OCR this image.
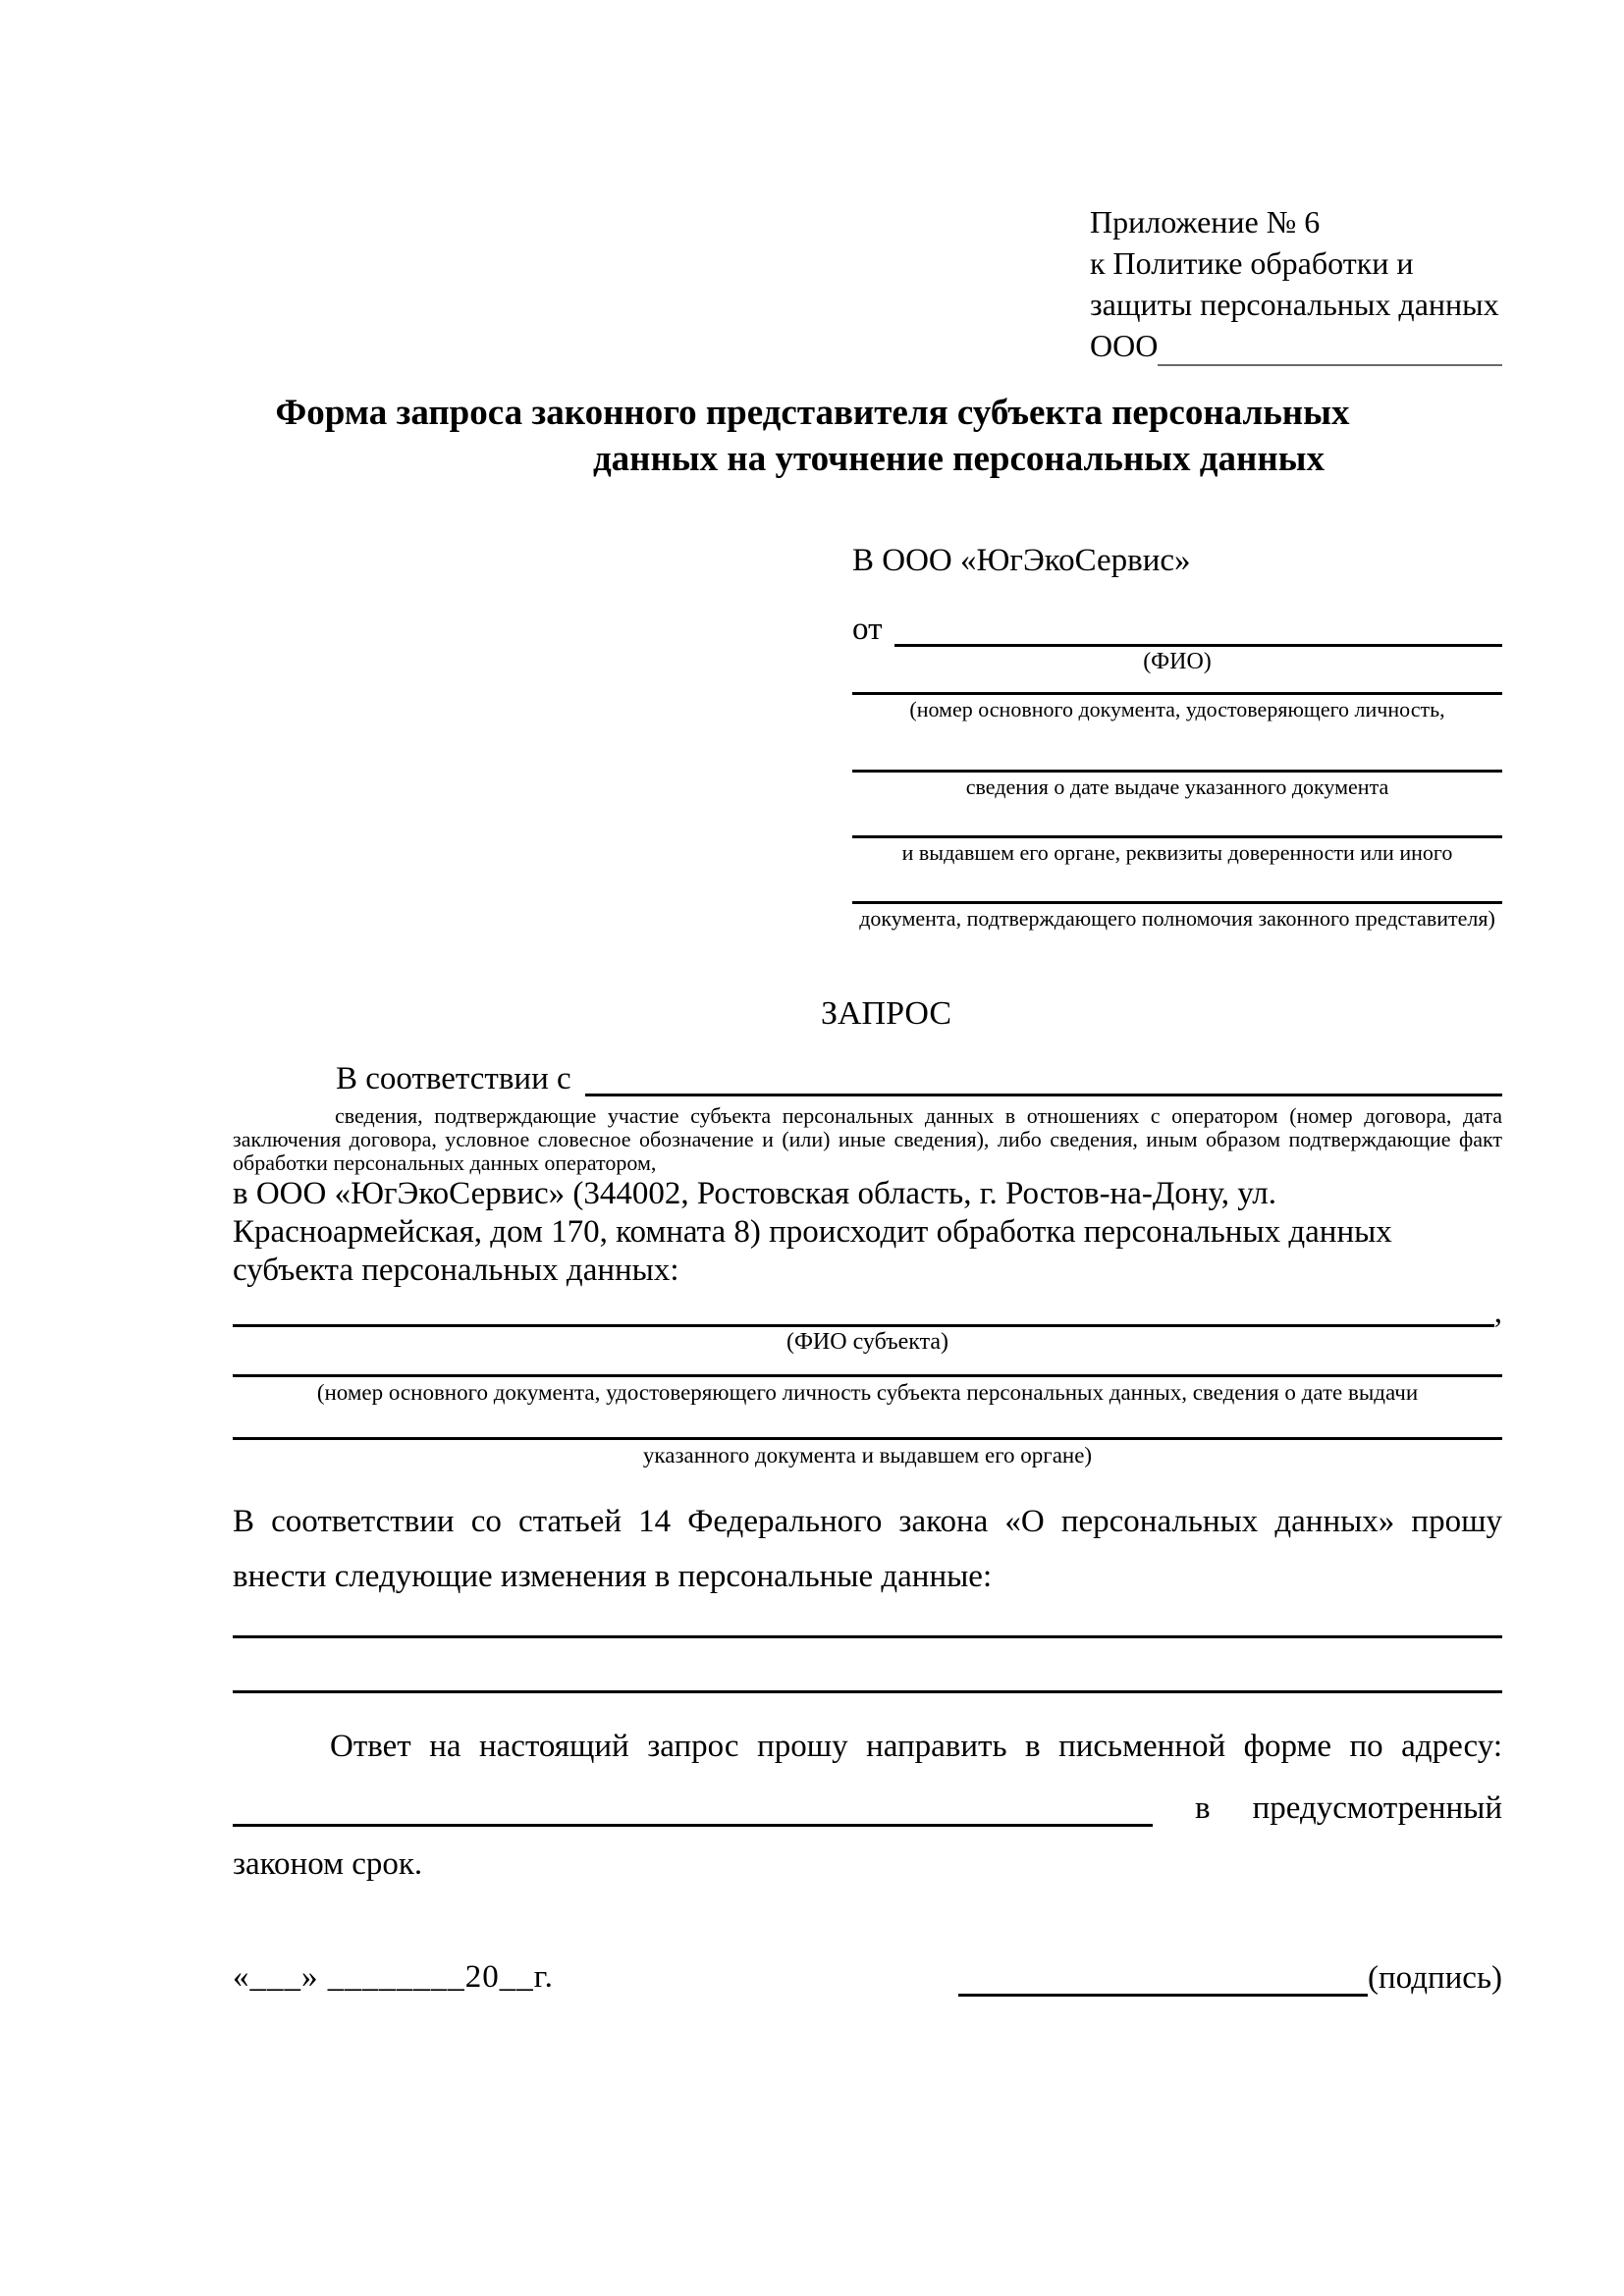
Приложение № 6
к Политике обработки и
защиты персональных данных
ООО
Форма запроса законного представителя субъекта персональных
данных на уточнение персональных данных
В ООО «ЮгЭкоСервис»
от
(ФИО)
(номер основного документа, удостоверяющего личность,
сведения о дате выдаче указанного документа
и выдавшем его органе, реквизиты доверенности или иного
документа, подтверждающего полномочия законного представителя)
ЗАПРОС
В соответствии с
сведения, подтверждающие участие субъекта персональных данных в отношениях с оператором (номер договора, дата заключения договора, условное словесное обозначение и (или) иные сведения), либо сведения, иным образом подтверждающие факт обработки персональных данных оператором,
в ООО «ЮгЭкоСервис» (344002, Ростовская область, г. Ростов-на-Дону, ул.
Красноармейская, дом 170, комната 8) происходит обработка персональных данных
субъекта персональных данных:
,
(ФИО субъекта)
(номер основного документа, удостоверяющего личность субъекта персональных данных, сведения о дате выдачи
указанного документа и выдавшем его органе)
В соответствии со статьей 14 Федерального закона «О персональных данных» прошу
внести следующие изменения в персональные данные:
Ответ на настоящий запрос прошу направить в письменной форме по адресу:
в предусмотренный
законом срок.
«___» ________20__г.	(подпись)
